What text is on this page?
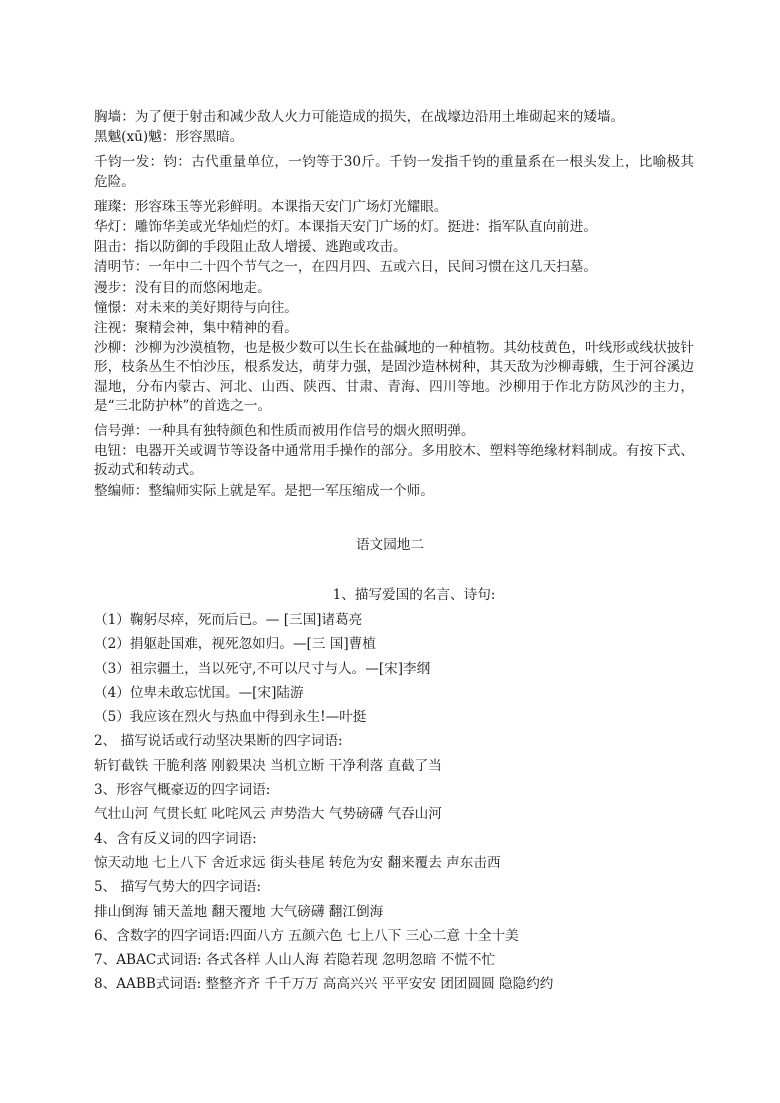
胸墙：为了便于射击和减少敌人火力可能造成的损失，在战壕边沿用土堆砌起来的矮墙。

黑魆(xū)魆：形容黑暗。

千钧一发：钧：古代重量单位，一钧等于30斤。千钧一发指千钧的重量系在一根头发上，比喻极其危险。

璀璨：形容珠玉等光彩鲜明。本课指天安门广场灯光耀眼。

华灯：雕饰华美或光华灿烂的灯。本课指天安门广场的灯。挺进：指军队直向前进。

阻击：指以防御的手段阻止敌人增援、逃跑或攻击。

清明节：一年中二十四个节气之一，在四月四、五或六日，民间习惯在这几天扫墓。

漫步：没有目的而悠闲地走。

憧憬：对未来的美好期待与向往。

注视：聚精会神，集中精神的看。

沙柳：沙柳为沙漠植物，也是极少数可以生长在盐碱地的一种植物。其幼枝黄色，叶线形或线状披针形，枝条丛生不怕沙压，根系发达，萌芽力强，是固沙造林树种，其天敌为沙柳毒蛾，生于河谷溪边湿地，分布内蒙古、河北、山西、陕西、甘肃、青海、四川等地。沙柳用于作北方防风沙的主力，是“三北防护林”的首选之一。

信号弹：一种具有独特颜色和性质而被用作信号的烟火照明弹。

电钮：电器开关或调节等设备中通常用手操作的部分。多用胶木、塑料等绝缘材料制成。有按下式、扳动式和转动式。

整编师：整编师实际上就是军。是把一军压缩成一个师。

语文园地二

1、描写爱国的名言、诗句:

（1）鞠躬尽瘁，死而后已。— [三国]诸葛亮

（2）捐躯赴国难，视死忽如归。—[三 国]曹植

（3）祖宗疆土，当以死守,不可以尺寸与人。—[宋]李纲

（4）位卑未敢忘忧国。—[宋]陆游

（5）我应该在烈火与热血中得到永生!—叶挺

2、 描写说话或行动坚决果断的四字词语:

斩钉截铁 干脆利落 刚毅果决 当机立断 干净利落 直截了当

3、形容气概豪迈的四字词语:

气壮山河 气贯长虹 叱咤风云 声势浩大 气势磅礴 气吞山河

4、含有反义词的四字词语:

惊天动地 七上八下 舍近求远 街头巷尾 转危为安 翻来覆去 声东击西

5、 描写气势大的四字词语:

排山倒海 铺天盖地 翻天覆地 大气磅礴 翻江倒海

6、含数字的四字词语:四面八方 五颜六色 七上八下 三心二意 十全十美

7、ABAC式词语: 各式各样 人山人海 若隐若现 忽明忽暗 不慌不忙

8、AABB式词语: 整整齐齐 千千万万 高高兴兴 平平安安 团团圆圆 隐隐约约
